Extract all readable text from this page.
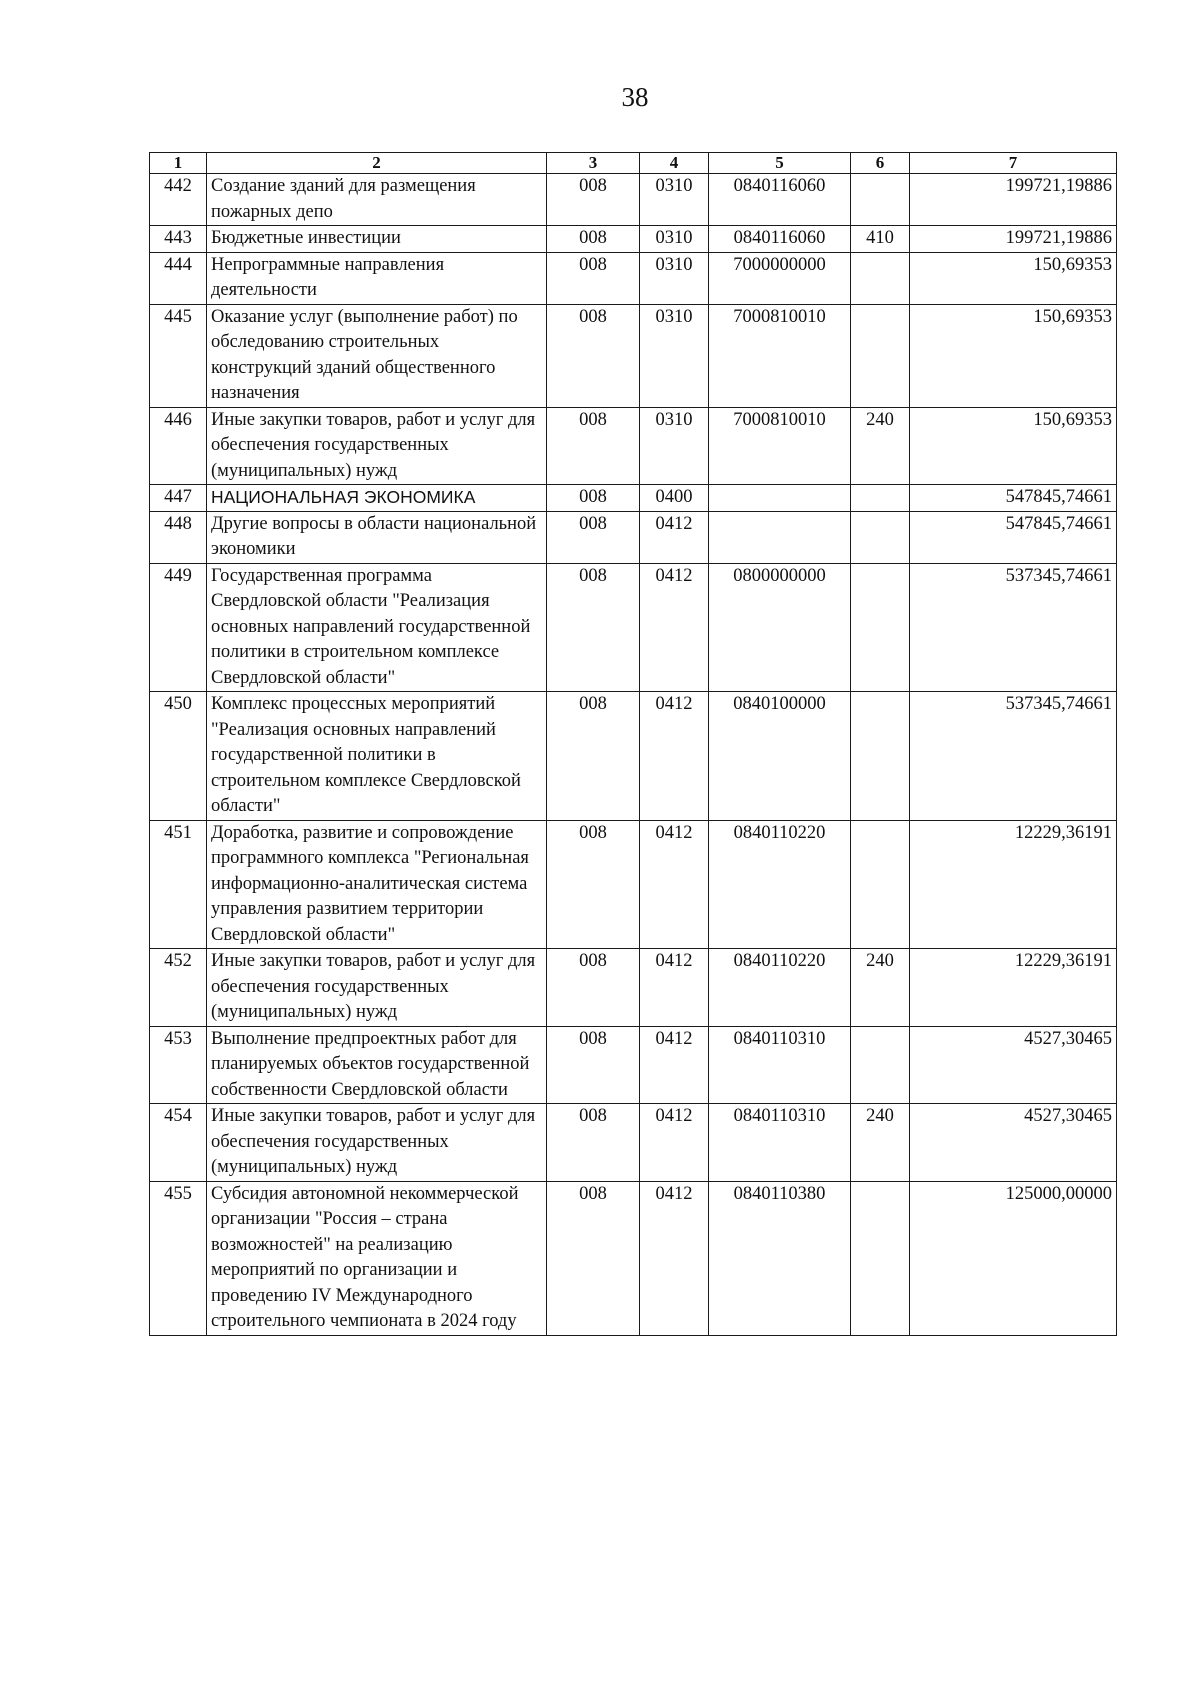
38
1	2	3	4	5	6	7
442	Создание зданий для размещения пожарных депо	008	0310	0840116060		199721,19886
443	Бюджетные инвестиции	008	0310	0840116060	410	199721,19886
444	Непрограммные направления деятельности	008	0310	7000000000		150,69353
445	Оказание услуг (выполнение работ) по обследованию строительных конструкций зданий общественного назначения	008	0310	7000810010		150,69353
446	Иные закупки товаров, работ и услуг для обеспечения государственных (муниципальных) нужд	008	0310	7000810010	240	150,69353
447	НАЦИОНАЛЬНАЯ ЭКОНОМИКА	008	0400			547845,74661
448	Другие вопросы в области национальной экономики	008	0412			547845,74661
449	Государственная программа Свердловской области "Реализация основных направлений государственной политики в строительном комплексе Свердловской области"	008	0412	0800000000		537345,74661
450	Комплекс процессных мероприятий "Реализация основных направлений государственной политики в строительном комплексе Свердловской области"	008	0412	0840100000		537345,74661
451	Доработка, развитие и сопровождение программного комплекса "Региональная информационно-аналитическая система управления развитием территории Свердловской области"	008	0412	0840110220		12229,36191
452	Иные закупки товаров, работ и услуг для обеспечения государственных (муниципальных) нужд	008	0412	0840110220	240	12229,36191
453	Выполнение предпроектных работ для планируемых объектов государственной собственности Свердловской области	008	0412	0840110310		4527,30465
454	Иные закупки товаров, работ и услуг для обеспечения государственных (муниципальных) нужд	008	0412	0840110310	240	4527,30465
455	Субсидия автономной некоммерческой организации "Россия – страна возможностей" на реализацию мероприятий по организации и проведению IV Международного строительного чемпионата в 2024 году	008	0412	0840110380		125000,00000
